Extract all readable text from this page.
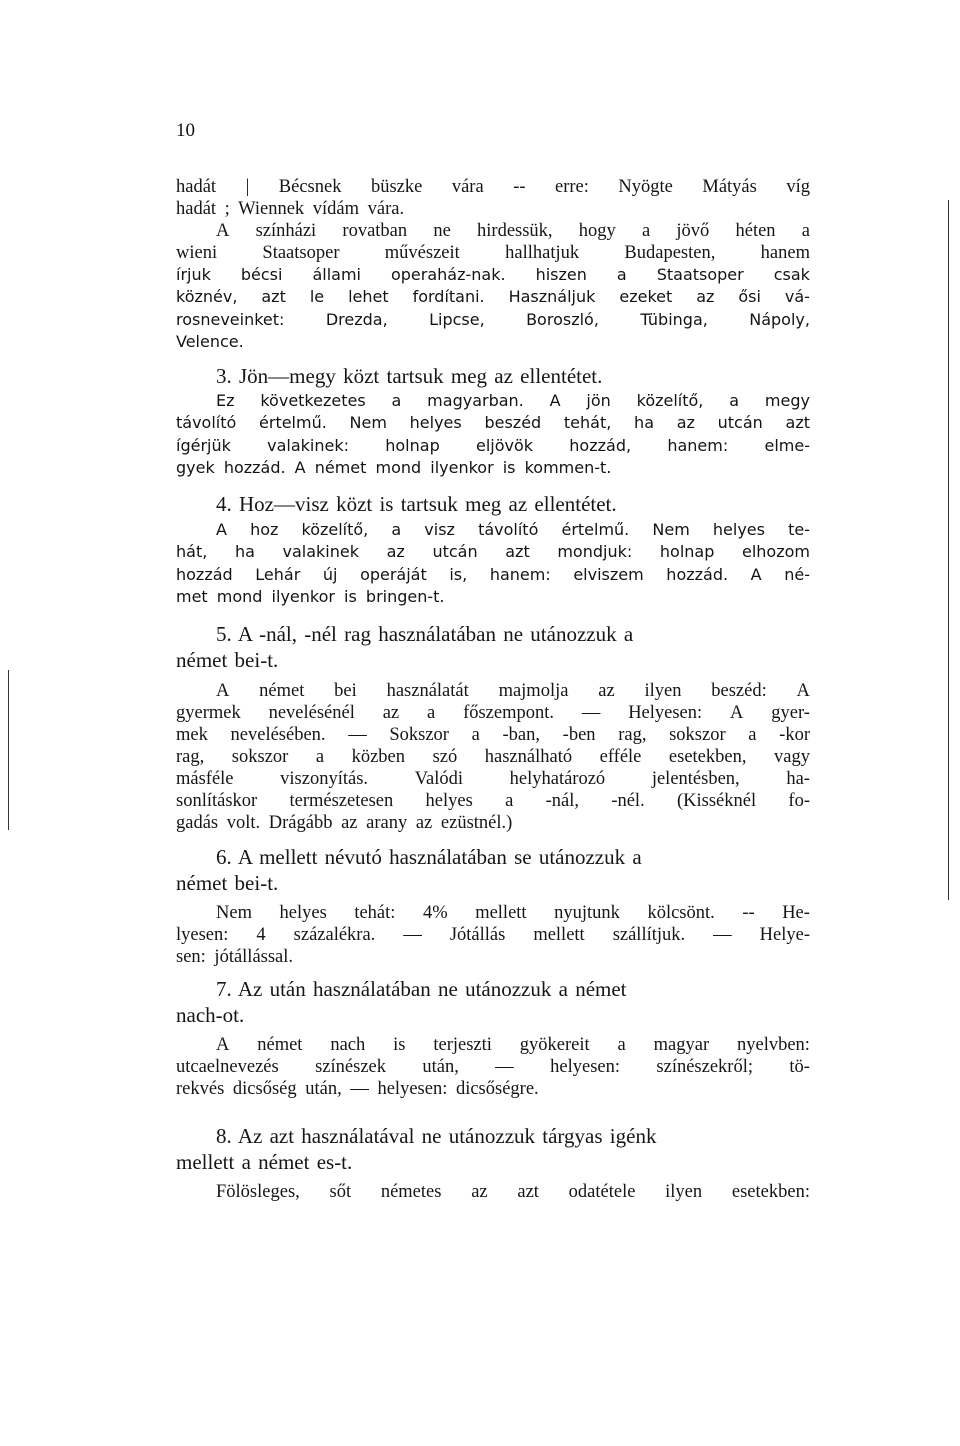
10
hadát | Bécsnek büszke vára -- erre: Nyögte Mátyás víg
hadát ; Wiennek vídám vára.
A színházi rovatban ne hirdessük, hogy a jövő héten a
wieni Staatsoper művészeit hallhatjuk Budapesten, hanem
írjuk bécsi állami operaház-nak. hiszen a Staatsoper csak
köznév, azt le lehet fordítani. Használjuk ezeket az ősi vá-
rosneveinket:	Drezda,	Lipcse,	Boroszló,	Tübinga,	Nápoly,
Velence.
Ez következetes a magyarban. A jön közelítő, a megy
távolító értelmű. Nem helyes beszéd tehát, ha az utcán azt
ígérjük valakinek: holnap eljövök hozzád, hanem: elme-
gyek hozzád. A német mond ilyenkor is kommen-t.
A hoz közelítő, a visz távolító értelmű. Nem helyes te-
hát, ha valakinek az utcán azt mondjuk: holnap elhozom
hozzád Lehár új operáját is, hanem: elviszem hozzád. A né-
met mond ilyenkor is bringen-t.
A német bei használatát majmolja az ilyen beszéd: A
gyermek nevelésénél az a főszempont. — Helyesen: A gyer-
mek nevelésében. — Sokszor a -ban, -ben rag, sokszor a -kor
rag, sokszor a közben szó használható efféle esetekben, vagy
másféle	viszonyítás.	Valódi	helyhatározó	jelentésben,	ha-
sonlításkor természetesen helyes a -nál, -nél. (Kisséknél fo-
gadás volt. Drágább az arany az ezüstnél.)
Nem helyes tehát: 4% mellett nyujtunk kölcsönt. -- He-
lyesen: 4 százalékra. — Jótállás mellett szállítjuk. — Helye-
sen: jótállással.
A német nach is terjeszti gyökereit a magyar nyelvben:
utcaelnevezés színészek után, — helyesen: színészekről; tö-
rekvés dicsőség után, — helyesen: dicsőségre.
Fölösleges, sőt németes az azt odatétele ilyen esetekben:
3. Jön—megy közt tartsuk meg az ellentétet.
4. Hoz—visz közt is tartsuk meg az ellentétet.
5. A -nál, -nél rag használatában ne utánozzuk a
német bei-t.
6. A mellett névutó használatában se utánozzuk a
német bei-t.
7. Az után használatában ne utánozzuk a német
nach-ot.
8. Az azt használatával ne utánozzuk tárgyas igénk
mellett a német es-t.
